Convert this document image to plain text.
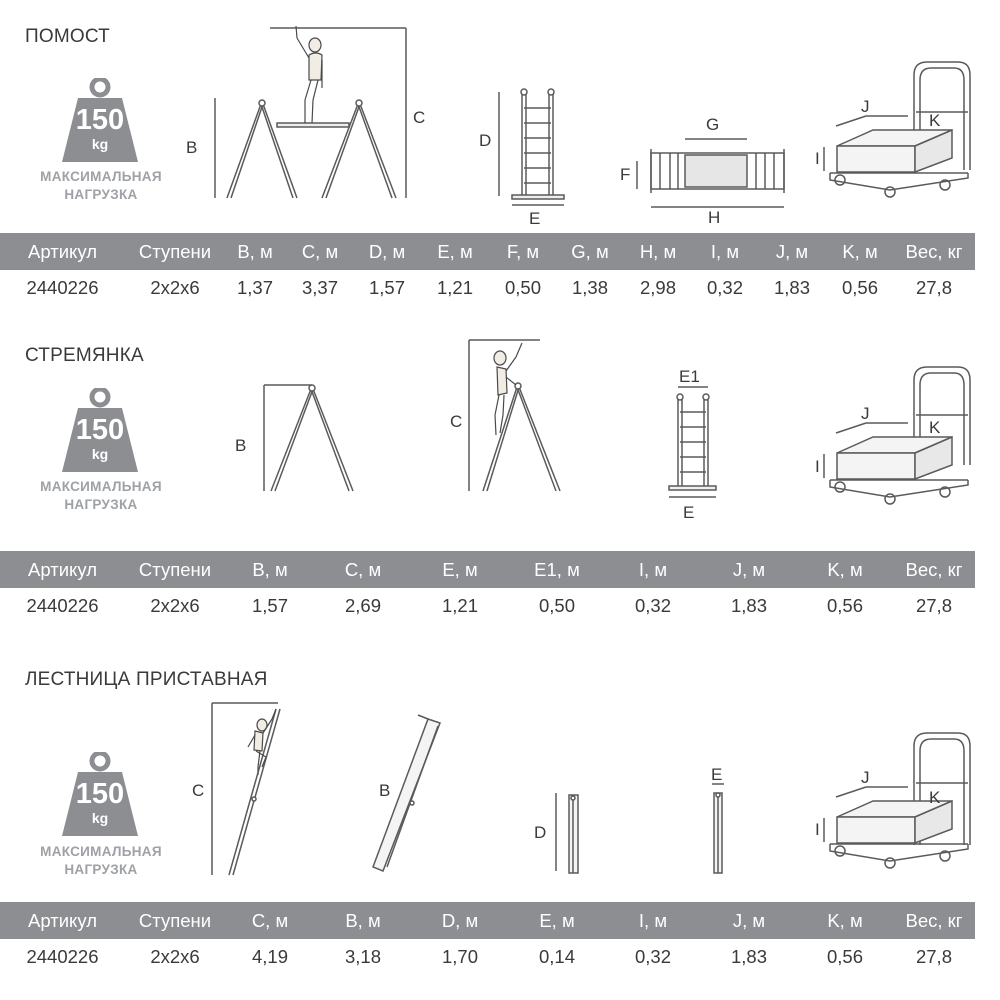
ПОМОСТ
150
kg
МАКСИМАЛЬНАЯ
НАГРУЗКА
B
C
D
E
F
G
H
J
K
I
Артикул	Ступени	B, м	C, м	D, м	E, м	F, м	G, м	H, м	I, м	J, м	K, м	Вес, кг
2440226	2x2x6	1,37	3,37	1,57	1,21	0,50	1,38	2,98	0,32	1,83	0,56	27,8
СТРЕМЯНКА
150
kg
МАКСИМАЛЬНАЯ
НАГРУЗКА
B
C
E1
E
J
K
I
Артикул	Ступени	B, м	C, м	E, м	E1, м	I, м	J, м	K, м	Вес, кг
2440226	2x2x6	1,57	2,69	1,21	0,50	0,32	1,83	0,56	27,8
ЛЕСТНИЦА ПРИСТАВНАЯ
150
kg
МАКСИМАЛЬНАЯ
НАГРУЗКА
C	B
D
E	J
K
I
Артикул	Ступени	C, м	B, м	D, м	E, м	I, м	J, м	K, м	Вес, кг
2440226	2x2x6	4,19	3,18	1,70	0,14	0,32	1,83	0,56	27,8
